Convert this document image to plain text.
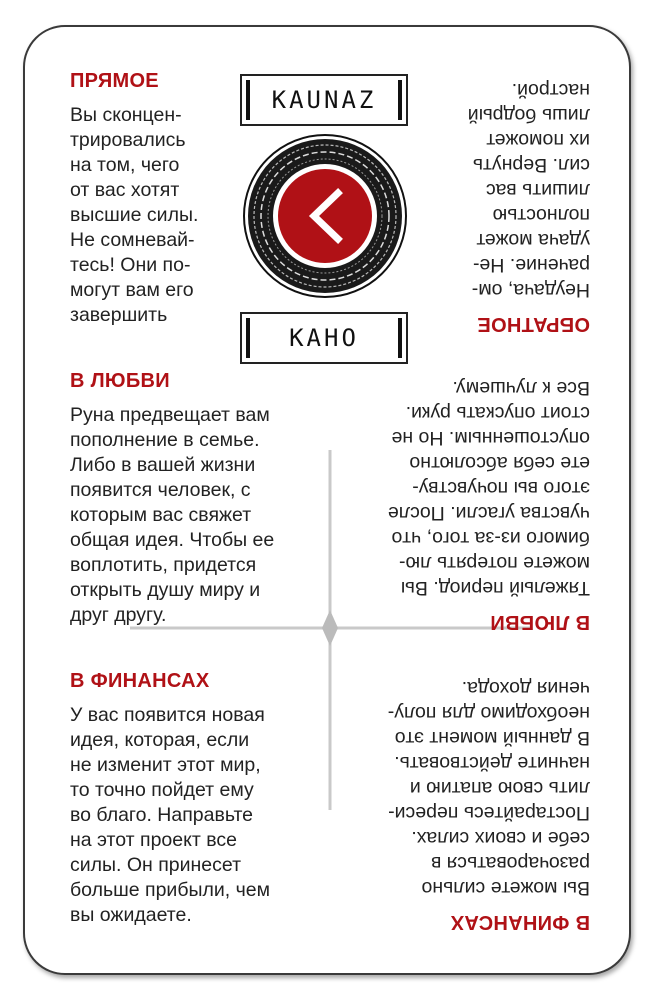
ПРЯМОЕ
Вы сконцен-
трировались
на том, чего
от вас хотят
высшие силы.
Не сомневай-
тесь! Они по-
могут вам его
завершить
В ЛЮБВИ
Руна предвещает вам
пополнение в семье.
Либо в вашей жизни
появится человек, с
которым вас свяжет
общая идея. Чтобы ее
воплотить, придется
открыть душу миру и
друг другу.
В ФИНАНСАХ
У вас появится новая
идея, которая, если
не изменит этот мир,
то точно пойдет ему
во благо. Направьте
на этот проект все
силы. Он принесет
больше прибыли, чем
вы ожидаете.
KAUNAZ
КАНО	ОБРАТНОЕ
Неудача, ом-
рачение. Не-
удача может
полностью
лишить вас
сил. Вернуть
их поможет
лишь бодрый
настрой.
В ЛЮБВИ
Тяжелый период. Вы
можете потерять лю-
бимого из-за того, что
чувства угасли. После
этого вы почувству-
ете себя абсолютно
опустошенным. Но не
стоит опускать руки.
Все к лучшему.
В ФИНАНСАХ
Вы можете сильно
разочароваться в
себе и своих силах.
Постарайтесь переси-
лить свою апатию и
начните действовать.
В данный момент это
необходимо для полу-
чения дохода.
